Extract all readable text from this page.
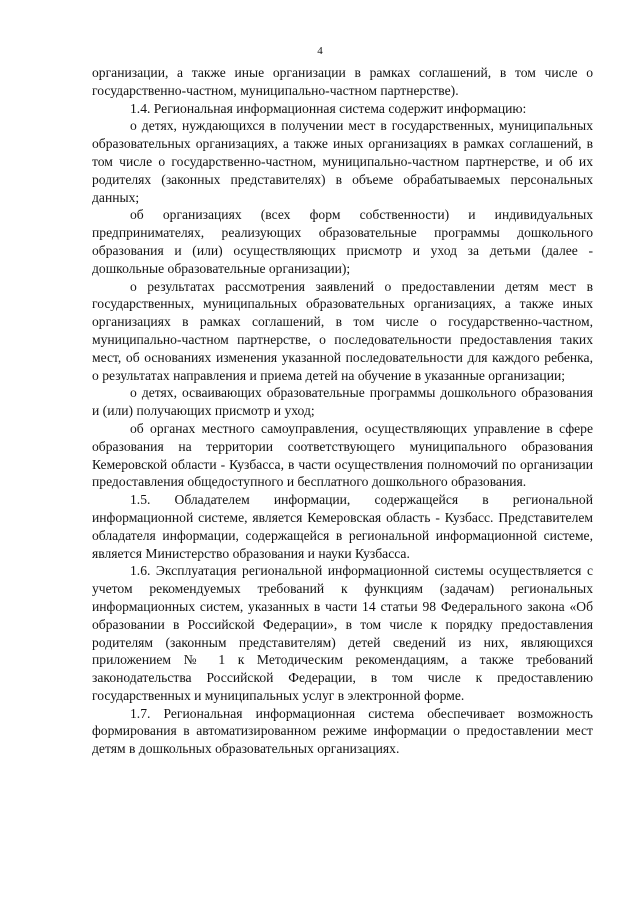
4

организации, а также иные организации в рамках соглашений, в том числе о государственно-частном, муниципально-частном партнерстве).

1.4. Региональная информационная система содержит информацию:

о детях, нуждающихся в получении мест в государственных, муниципальных образовательных организациях, а также иных организациях в рамках соглашений, в том числе о государственно-частном, муниципально-частном партнерстве, и об их родителях (законных представителях) в объеме обрабатываемых персональных данных;

об организациях (всех форм собственности) и индивидуальных предпринимателях, реализующих образовательные программы дошкольного образования и (или) осуществляющих присмотр и уход за детьми (далее - дошкольные образовательные организации);

о результатах рассмотрения заявлений о предоставлении детям мест в государственных, муниципальных образовательных организациях, а также иных организациях в рамках соглашений, в том числе о государственно-частном, муниципально-частном партнерстве, о последовательности предоставления таких мест, об основаниях изменения указанной последовательности для каждого ребенка, о результатах направления и приема детей на обучение в указанные организации;

о детях, осваивающих образовательные программы дошкольного образования и (или) получающих присмотр и уход;

об органах местного самоуправления, осуществляющих управление в сфере образования на территории соответствующего муниципального образования Кемеровской области - Кузбасса, в части осуществления полномочий по организации предоставления общедоступного и бесплатного дошкольного образования.

1.5. Обладателем информации, содержащейся в региональной информационной системе, является Кемеровская область - Кузбасс. Представителем обладателя информации, содержащейся в региональной информационной системе, является Министерство образования и науки Кузбасса.

1.6. Эксплуатация региональной информационной системы осуществляется с учетом рекомендуемых требований к функциям (задачам) региональных информационных систем, указанных в части 14 статьи 98 Федерального закона «Об образовании в Российской Федерации», в том числе к порядку предоставления родителям (законным представителям) детей сведений из них, являющихся приложением № 1 к Методическим рекомендациям, а также требований законодательства Российской Федерации, в том числе к предоставлению государственных и муниципальных услуг в электронной форме.

1.7. Региональная информационная система обеспечивает возможность формирования в автоматизированном режиме информации о предоставлении мест детям в дошкольных образовательных организациях.
